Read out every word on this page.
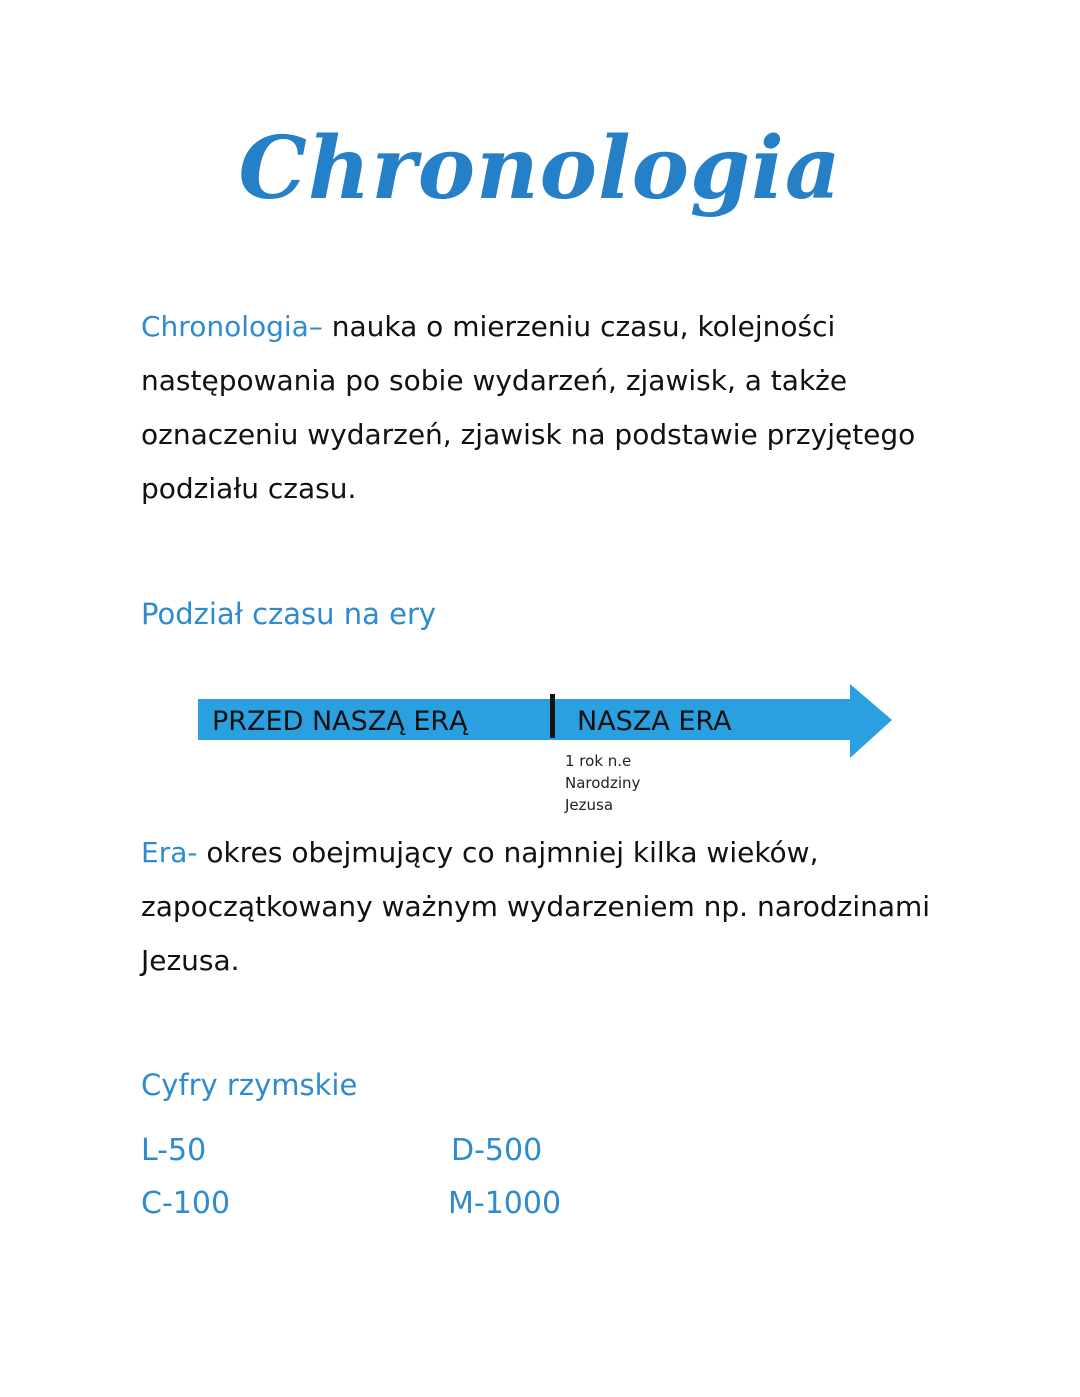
Chronologia
Chronologia– nauka o mierzeniu czasu, kolejności następowania po sobie wydarzeń, zjawisk, a także oznaczeniu wydarzeń, zjawisk na podstawie przyjętego podziału czasu.
Podział czasu na ery
PRZED NASZĄ ERĄ	NASZA ERA
1 rok n.e
Narodziny
Jezusa
Era- okres obejmujący co najmniej kilka wieków, zapoczątkowany ważnym wydarzeniem np. narodzinami Jezusa.
Cyfry rzymskie
L-50	D-500
C-100	M-1000
